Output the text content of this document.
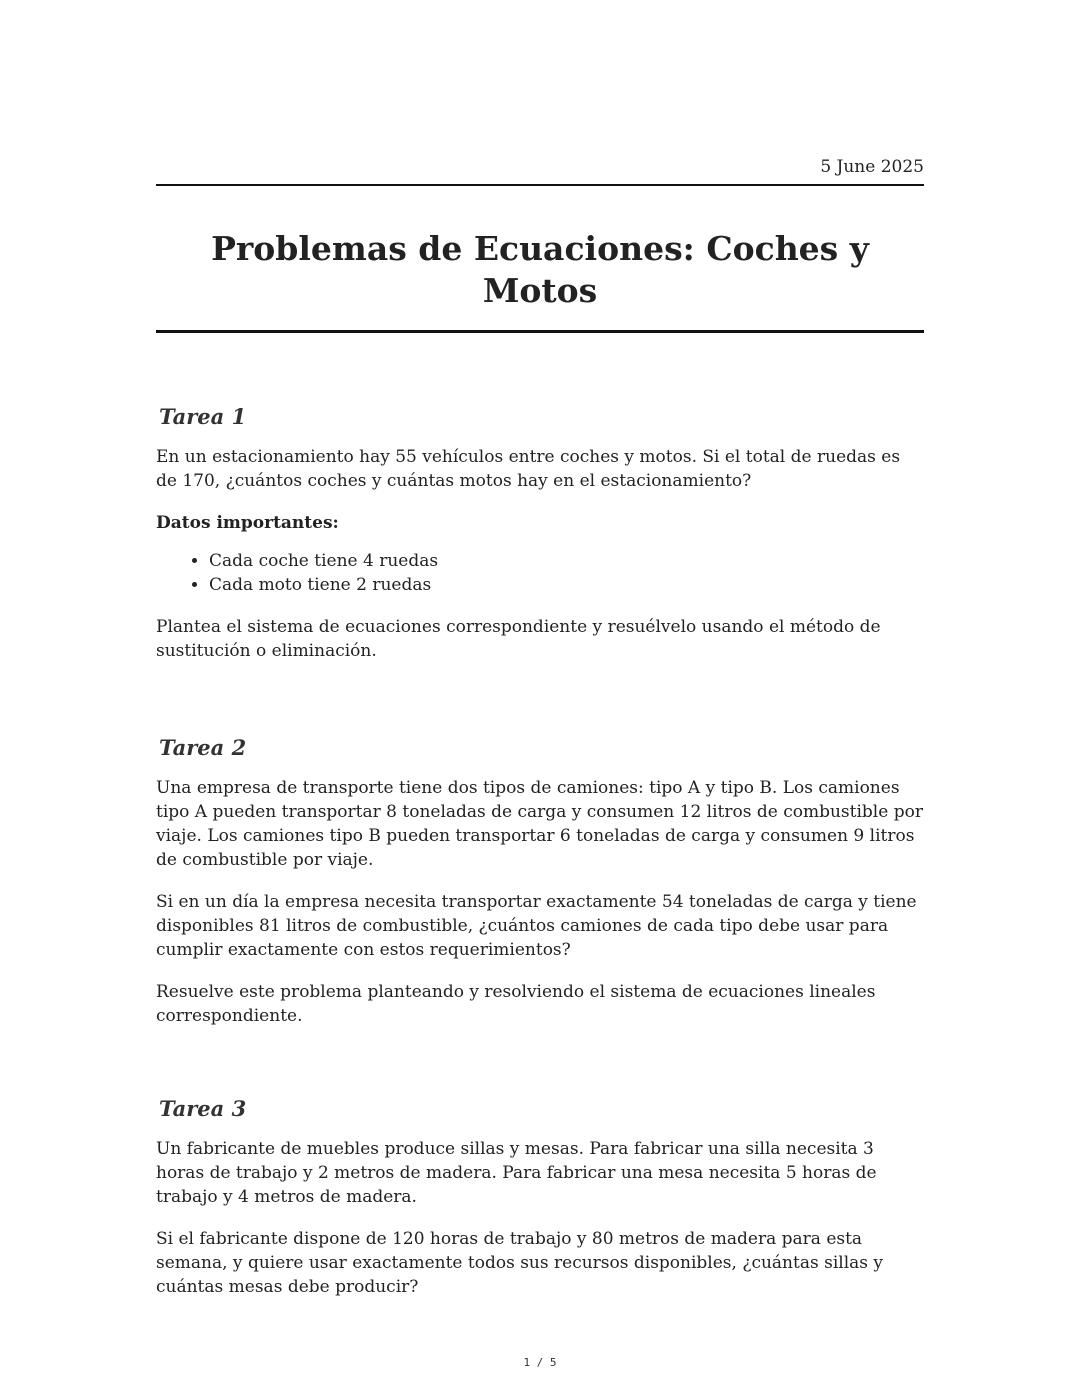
5 June 2025
Problemas de Ecuaciones: Coches y Motos
Tarea 1

En un estacionamiento hay 55 vehículos entre coches y motos. Si el total de ruedas es de 170, ¿cuántos coches y cuántas motos hay en el estacionamiento?

Datos importantes:

• Cada coche tiene 4 ruedas
• Cada moto tiene 2 ruedas

Plantea el sistema de ecuaciones correspondiente y resuélvelo usando el método de sustitución o eliminación.

Tarea 2

Una empresa de transporte tiene dos tipos de camiones: tipo A y tipo B. Los camiones tipo A pueden transportar 8 toneladas de carga y consumen 12 litros de combustible por viaje. Los camiones tipo B pueden transportar 6 toneladas de carga y consumen 9 litros de combustible por viaje.

Si en un día la empresa necesita transportar exactamente 54 toneladas de carga y tiene disponibles 81 litros de combustible, ¿cuántos camiones de cada tipo debe usar para cumplir exactamente con estos requerimientos?

Resuelve este problema planteando y resolviendo el sistema de ecuaciones lineales correspondiente.

Tarea 3

Un fabricante de muebles produce sillas y mesas. Para fabricar una silla necesita 3 horas de trabajo y 2 metros de madera. Para fabricar una mesa necesita 5 horas de trabajo y 4 metros de madera.

Si el fabricante dispone de 120 horas de trabajo y 80 metros de madera para esta semana, y quiere usar exactamente todos sus recursos disponibles, ¿cuántas sillas y cuántas mesas debe producir?

1 / 5
